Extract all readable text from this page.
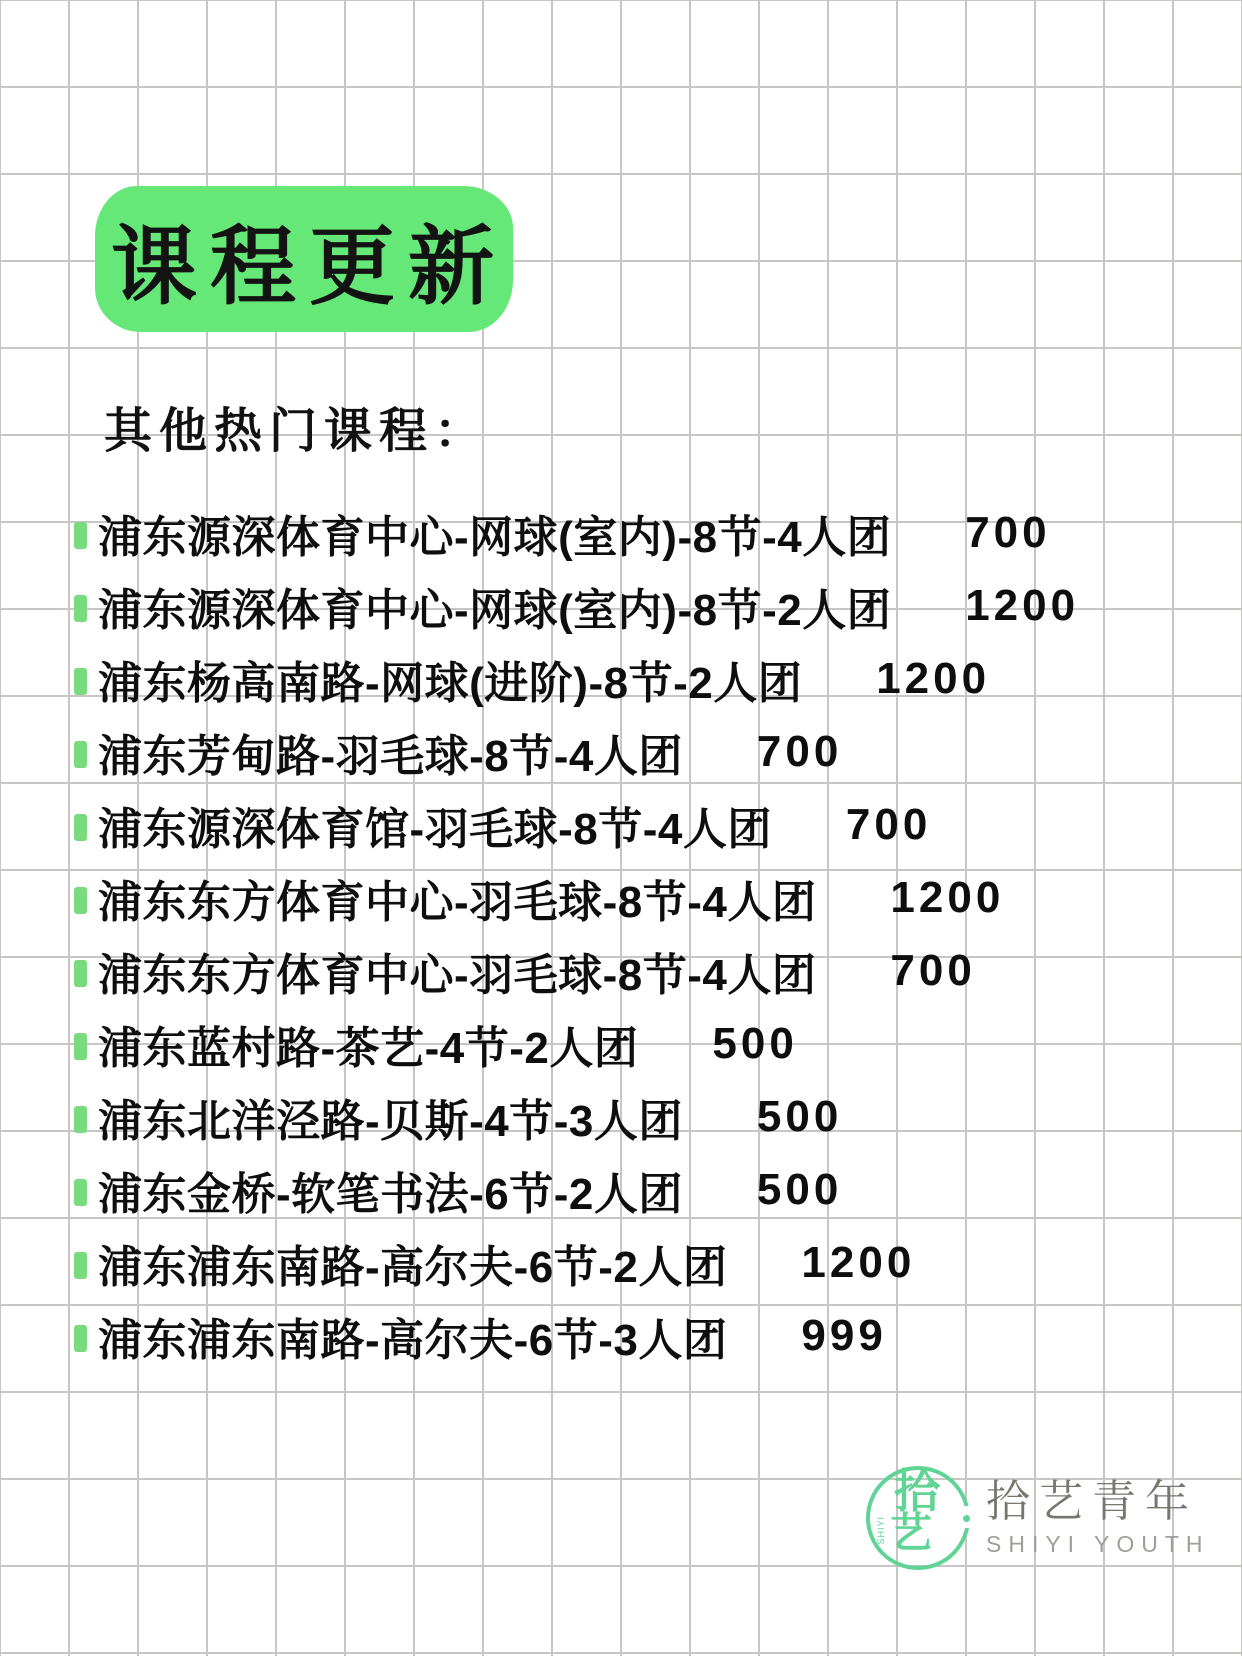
课程更新
其他热门课程：
浦东源深体育中心-网球(室内)-8节-4人团 700
浦东源深体育中心-网球(室内)-8节-2人团 1200
浦东杨高南路-网球(进阶)-8节-2人团 1200
浦东芳甸路-羽毛球-8节-4人团 700
浦东源深体育馆-羽毛球-8节-4人团 700
浦东东方体育中心-羽毛球-8节-4人团 1200
浦东东方体育中心-羽毛球-8节-4人团 700
浦东蓝村路-茶艺-4节-2人团 500
浦东北洋泾路-贝斯-4节-3人团 500
浦东金桥-软笔书法-6节-2人团 500
浦东浦东南路-高尔夫-6节-2人团 1200
浦东浦东南路-高尔夫-6节-3人团 999
拾
艺
SHIYI
拾艺青年
SHIYI YOUTH
